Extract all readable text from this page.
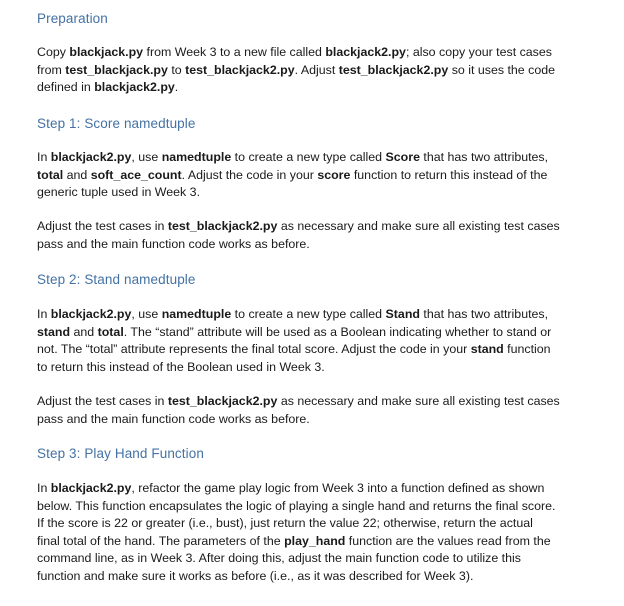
Preparation
Copy blackjack.py from Week 3 to a new file called blackjack2.py; also copy your test cases
from test_blackjack.py to test_blackjack2.py. Adjust test_blackjack2.py so it uses the code
defined in blackjack2.py.
Step 1: Score namedtuple
In blackjack2.py, use namedtuple to create a new type called Score that has two attributes,
total and soft_ace_count. Adjust the code in your score function to return this instead of the
generic tuple used in Week 3.
Adjust the test cases in test_blackjack2.py as necessary and make sure all existing test cases
pass and the main function code works as before.
Step 2: Stand namedtuple
In blackjack2.py, use namedtuple to create a new type called Stand that has two attributes,
stand and total. The “stand” attribute will be used as a Boolean indicating whether to stand or
not. The “total” attribute represents the final total score. Adjust the code in your stand function
to return this instead of the Boolean used in Week 3.
Adjust the test cases in test_blackjack2.py as necessary and make sure all existing test cases
pass and the main function code works as before.
Step 3: Play Hand Function
In blackjack2.py, refactor the game play logic from Week 3 into a function defined as shown
below. This function encapsulates the logic of playing a single hand and returns the final score.
If the score is 22 or greater (i.e., bust), just return the value 22; otherwise, return the actual
final total of the hand. The parameters of the play_hand function are the values read from the
command line, as in Week 3. After doing this, adjust the main function code to utilize this
function and make sure it works as before (i.e., as it was described for Week 3).
